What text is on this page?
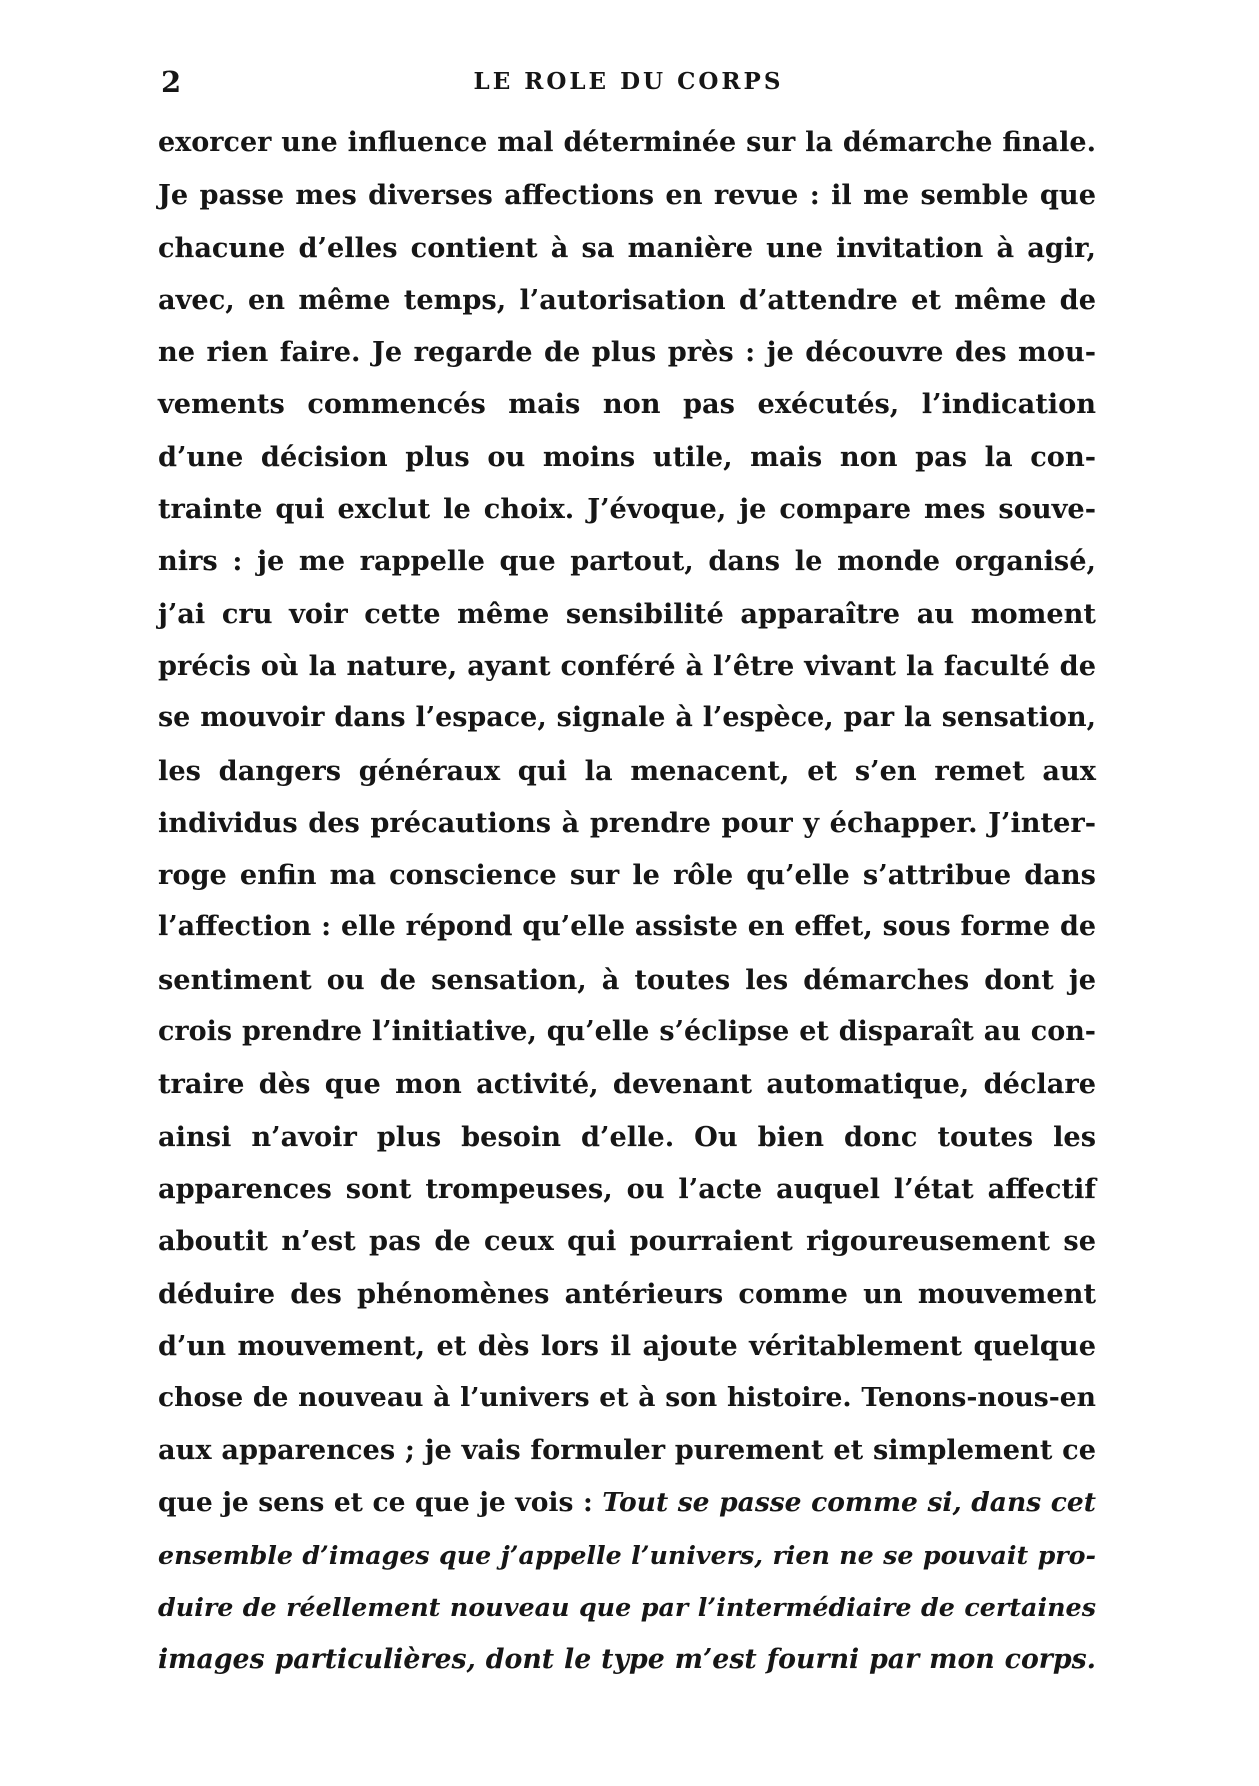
2	LE ROLE DU CORPS
exorcer une influence mal déterminée sur la démarche finale.
Je passe mes diverses affections en revue : il me semble que
chacune d’elles contient à sa manière une invitation à agir,
avec, en même temps, l’autorisation d’attendre et même de
ne rien faire. Je regarde de plus près : je découvre des mou-
vements commencés mais non pas exécutés, l’indication
d’une décision plus ou moins utile, mais non pas la con-
trainte qui exclut le choix. J’évoque, je compare mes souve-
nirs : je me rappelle que partout, dans le monde organisé,
j’ai cru voir cette même sensibilité apparaître au moment
précis où la nature, ayant conféré à l’être vivant la faculté de
se mouvoir dans l’espace, signale à l’espèce, par la sensation,
les dangers généraux qui la menacent, et s’en remet aux
individus des précautions à prendre pour y échapper. J’inter-
roge enfin ma conscience sur le rôle qu’elle s’attribue dans
l’affection : elle répond qu’elle assiste en effet, sous forme de
sentiment ou de sensation, à toutes les démarches dont je
crois prendre l’initiative, qu’elle s’éclipse et disparaît au con-
traire dès que mon activité, devenant automatique, déclare
ainsi n’avoir plus besoin d’elle. Ou bien donc toutes les
apparences sont trompeuses, ou l’acte auquel l’état affectif
aboutit n’est pas de ceux qui pourraient rigoureusement se
déduire des phénomènes antérieurs comme un mouvement
d’un mouvement, et dès lors il ajoute véritablement quelque
chose de nouveau à l’univers et à son histoire. Tenons-nous-en
aux apparences ; je vais formuler purement et simplement ce
que je sens et ce que je vois : Tout se passe comme si, dans cet
ensemble d’images que j’appelle l’univers, rien ne se pouvait pro-
duire de réellement nouveau que par l’intermédiaire de certaines
images particulières, dont le type m’est fourni par mon corps.
